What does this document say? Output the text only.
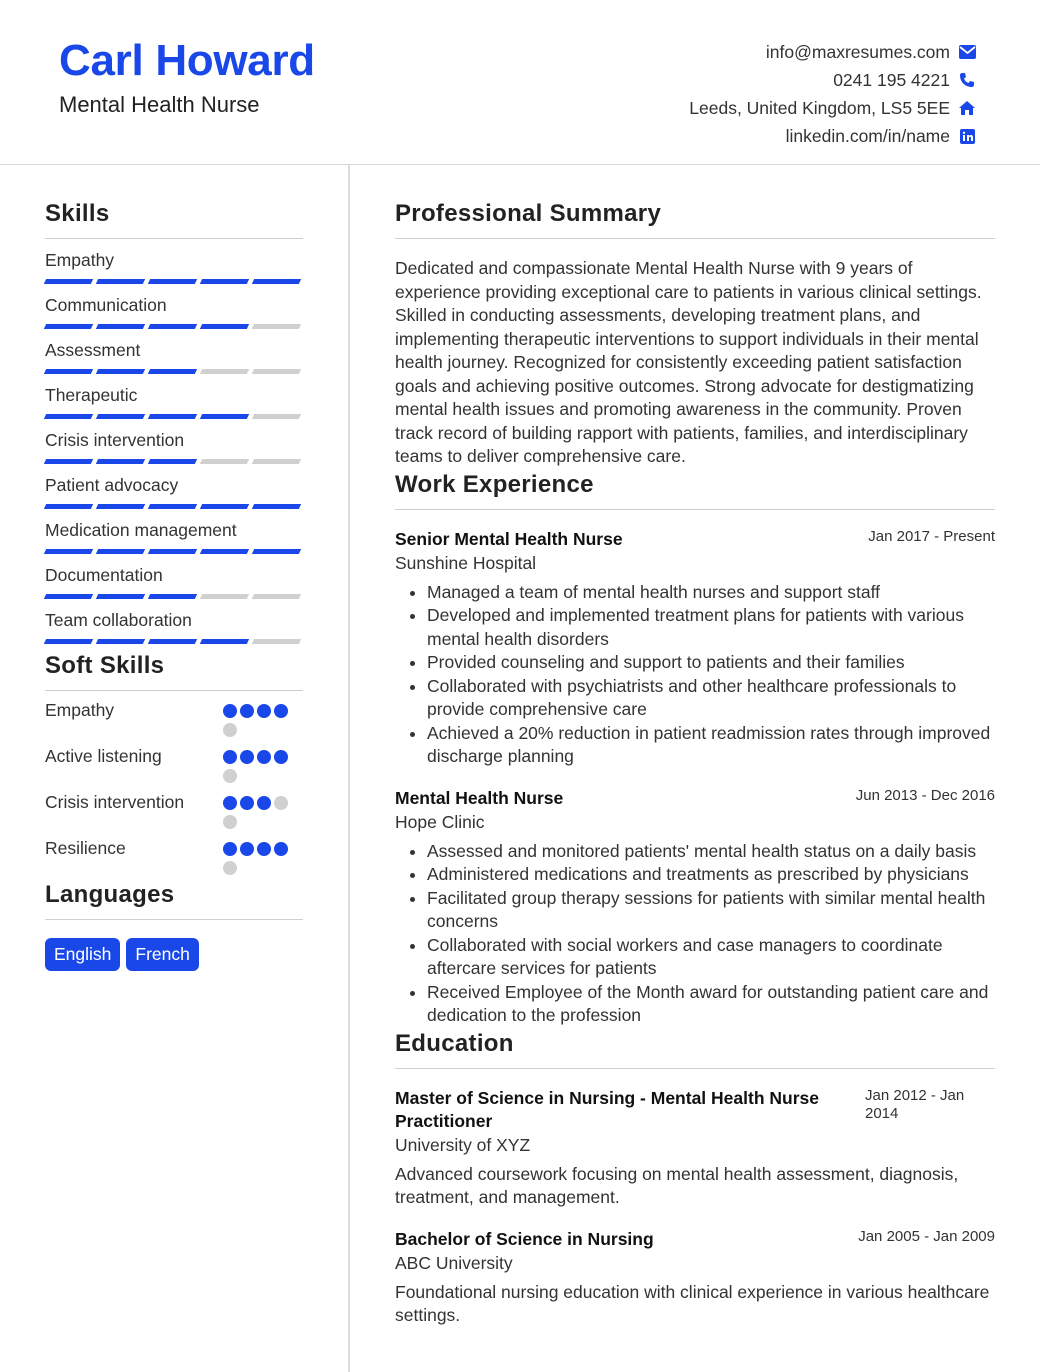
Carl Howard
Mental Health Nurse
info@maxresumes.com
0241 195 4221
Leeds, United Kingdom, LS5 5EE
linkedin.com/in/name
Skills
Empathy
Communication
Assessment
Therapeutic
Crisis intervention
Patient advocacy
Medication management
Documentation
Team collaboration
Soft Skills
Empathy
Active listening
Crisis intervention
Resilience
Languages
English	French
Professional Summary

Dedicated and compassionate Mental Health Nurse with 9 years of experience providing exceptional care to patients in various clinical settings. Skilled in conducting assessments, developing treatment plans, and implementing therapeutic interventions to support individuals in their mental health journey. Recognized for consistently exceeding patient satisfaction goals and achieving positive outcomes. Strong advocate for destigmatizing mental health issues and promoting awareness in the community. Proven track record of building rapport with patients, families, and interdisciplinary teams to deliver comprehensive care.

Work Experience
Senior Mental Health Nurse	Jan 2017 - Present
Sunshine Hospital
• Managed a team of mental health nurses and support staff
• Developed and implemented treatment plans for patients with various mental health disorders
• Provided counseling and support to patients and their families
• Collaborated with psychiatrists and other healthcare professionals to provide comprehensive care
• Achieved a 20% reduction in patient readmission rates through improved discharge planning
Mental Health Nurse	Jun 2013 - Dec 2016
Hope Clinic
• Assessed and monitored patients' mental health status on a daily basis
• Administered medications and treatments as prescribed by physicians
• Facilitated group therapy sessions for patients with similar mental health concerns
• Collaborated with social workers and case managers to coordinate aftercare services for patients
• Received Employee of the Month award for outstanding patient care and dedication to the profession
Education
Master of Science in Nursing - Mental Health Nurse Practitioner
Jan 2012 - Jan 2014
University of XYZ
Advanced coursework focusing on mental health assessment, diagnosis, treatment, and management.
Bachelor of Science in Nursing	Jan 2005 - Jan 2009
ABC University
Foundational nursing education with clinical experience in various healthcare settings.
